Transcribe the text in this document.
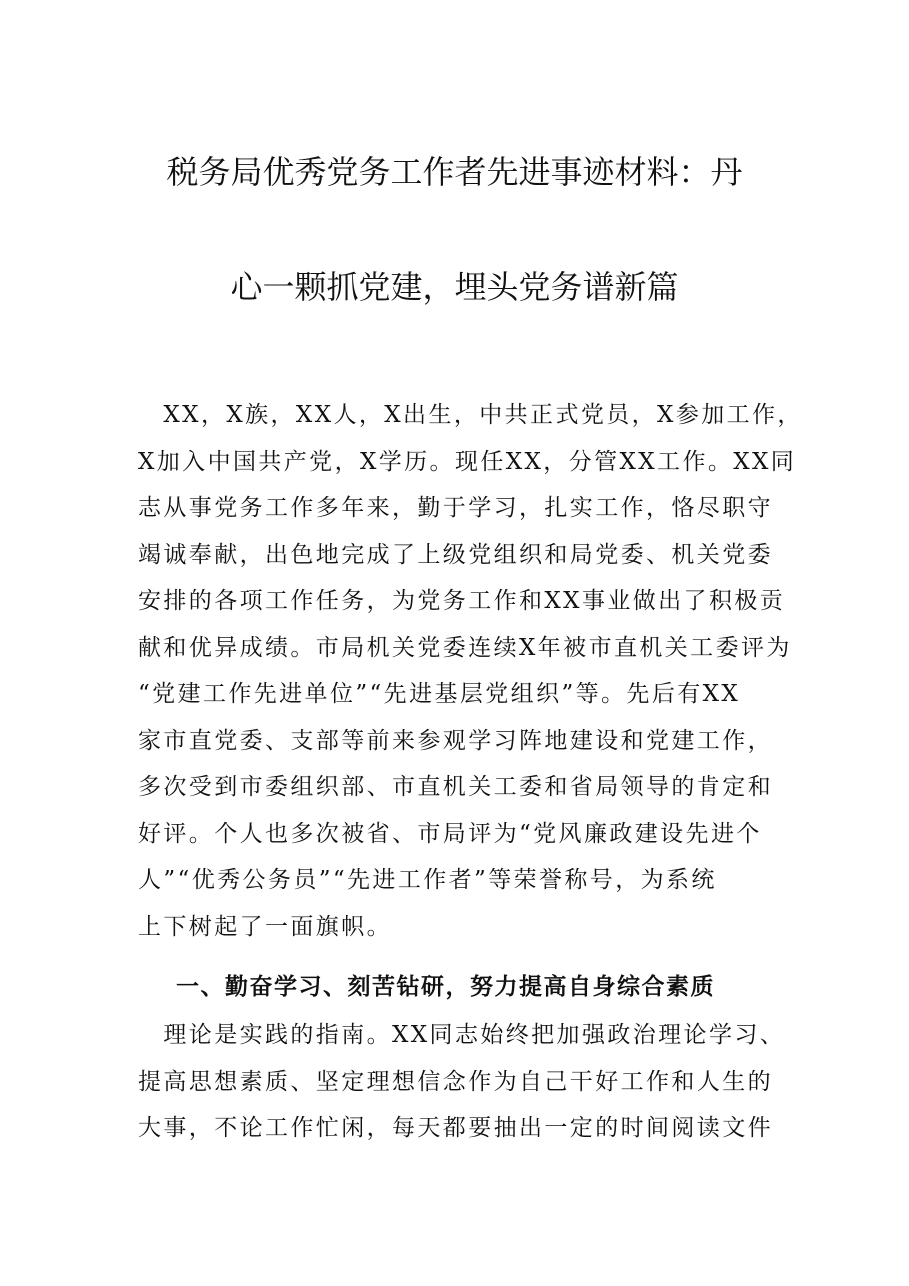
税务局优秀党务工作者先进事迹材料：丹
心一颗抓党建，埋头党务谱新篇
　XX，X族，XX人，X出生，中共正式党员，X参加工作，
X加入中国共产党，X学历。现任XX，分管XX工作。XX同
志从事党务工作多年来，勤于学习，扎实工作，恪尽职守
竭诚奉献，出色地完成了上级党组织和局党委、机关党委
安排的各项工作任务，为党务工作和XX事业做出了积极贡
献和优异成绩。市局机关党委连续X年被市直机关工委评为
“党建工作先进单位”“先进基层党组织”等。先后有XX
家市直党委、支部等前来参观学习阵地建设和党建工作，
多次受到市委组织部、市直机关工委和省局领导的肯定和
好评。个人也多次被省、市局评为“党风廉政建设先进个
人”“优秀公务员”“先进工作者”等荣誉称号，为系统
上下树起了一面旗帜。
一、勤奋学习、刻苦钻研，努力提高自身综合素质
　理论是实践的指南。XX同志始终把加强政治理论学习、
提高思想素质、坚定理想信念作为自己干好工作和人生的
大事，不论工作忙闲，每天都要抽出一定的时间阅读文件
